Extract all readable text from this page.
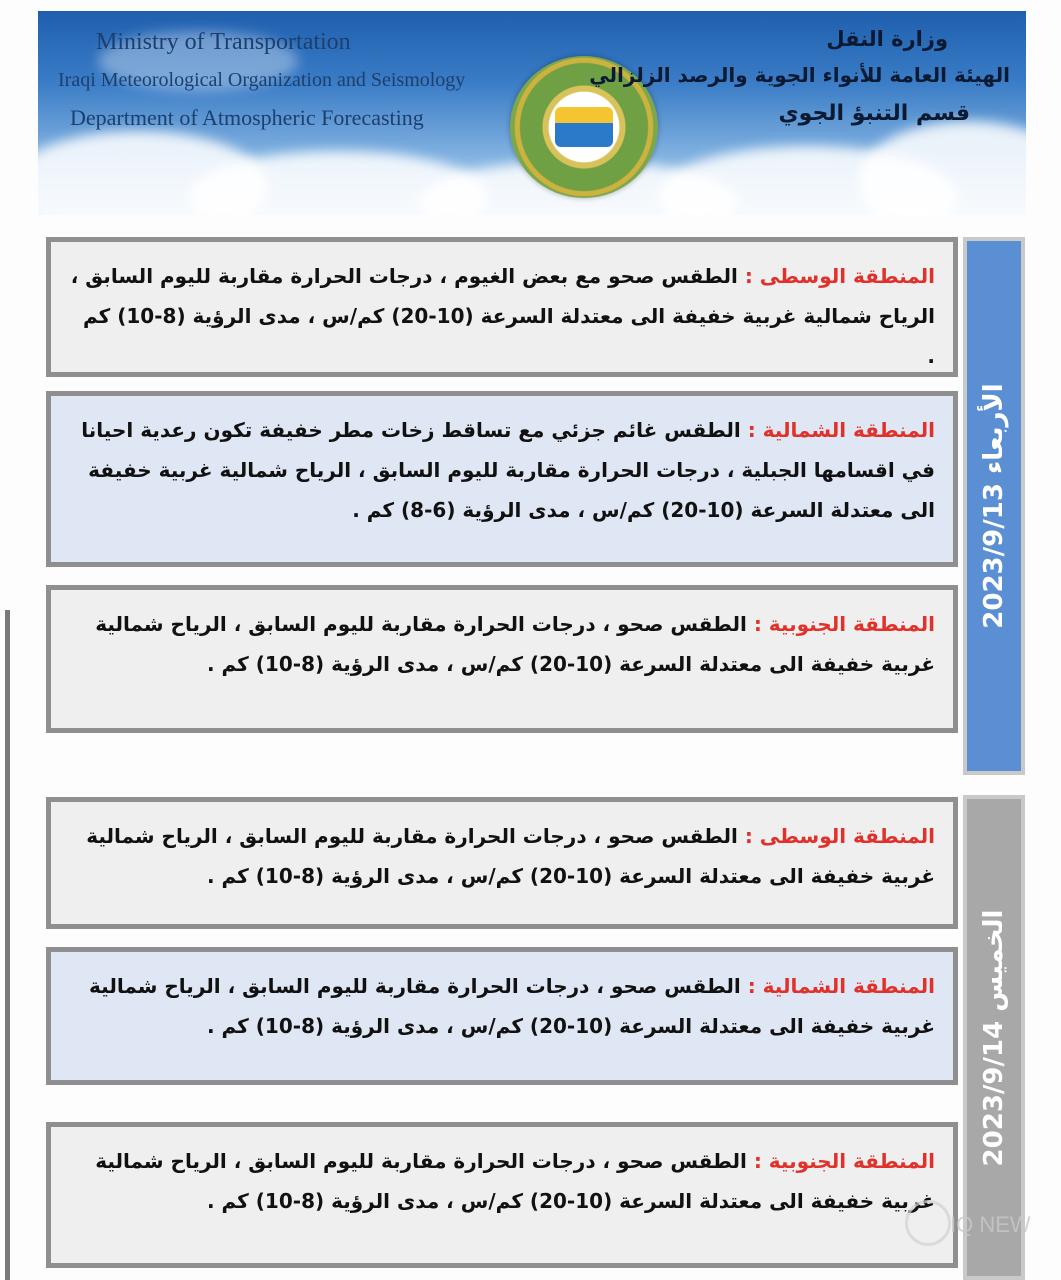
Ministry of Transportation
Iraqi Meteorological Organization and Seismology
Department of Atmospheric Forecasting
وزارة النقل
الهيئة العامة للأنواء الجوية والرصد الزلزالي
قسم التنبؤ الجوي
الأربعاء 2023/9/13
الخميس 2023/9/14
المنطقة الوسطى : الطقس صحو مع بعض الغيوم ، درجات الحرارة مقاربة لليوم السابق ، الرياح شمالية غربية خفيفة الى معتدلة السرعة (10-20) كم/س ، مدى الرؤية (8-10) كم .
المنطقة الشمالية : الطقس غائم جزئي مع تساقط زخات مطر خفيفة تكون رعدية احيانا في اقسامها الجبلية ، درجات الحرارة مقاربة لليوم السابق ، الرياح شمالية غربية خفيفة الى معتدلة السرعة (10-20) كم/س ، مدى الرؤية (6-8) كم .
المنطقة الجنوبية : الطقس صحو ، درجات الحرارة مقاربة لليوم السابق ، الرياح شمالية غربية خفيفة الى معتدلة السرعة (10-20) كم/س ، مدى الرؤية (8-10) كم .
المنطقة الوسطى : الطقس صحو ، درجات الحرارة مقاربة لليوم السابق ، الرياح شمالية غربية خفيفة الى معتدلة السرعة (10-20) كم/س ، مدى الرؤية (8-10) كم .
المنطقة الشمالية : الطقس صحو ، درجات الحرارة مقاربة لليوم السابق ، الرياح شمالية غربية خفيفة الى معتدلة السرعة (10-20) كم/س ، مدى الرؤية (8-10) كم .
المنطقة الجنوبية : الطقس صحو ، درجات الحرارة مقاربة لليوم السابق ، الرياح شمالية غربية خفيفة الى معتدلة السرعة (10-20) كم/س ، مدى الرؤية (8-10) كم .
IQ NEW
